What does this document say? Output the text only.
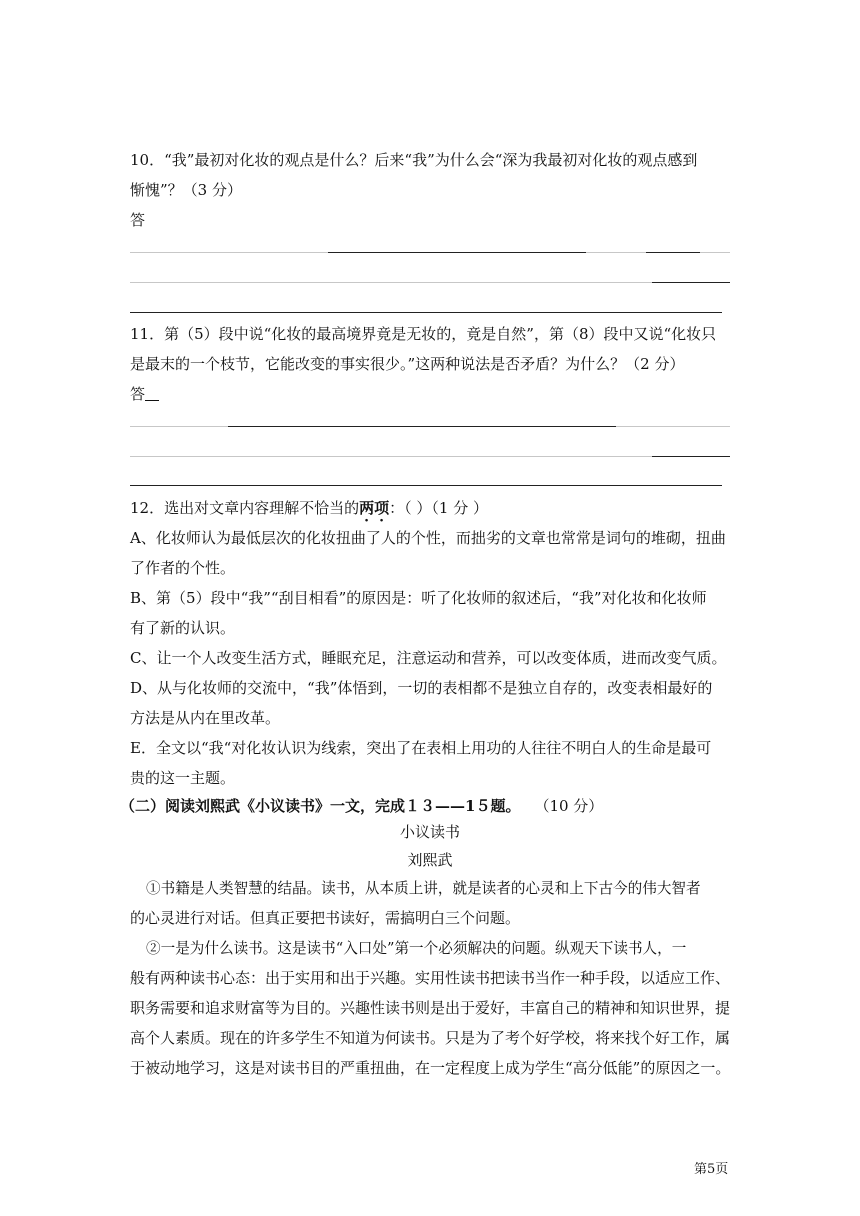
10．“我”最初对化妆的观点是什么？后来“我”为什么会“深为我最初对化妆的观点感到
惭愧”？（3 分）
答
11．第（5）段中说“化妆的最高境界竟是无妆的，竟是自然”，第（8）段中又说“化妆只
是最末的一个枝节，它能改变的事实很少。”这两种说法是否矛盾？为什么？（2 分）
答
12．选出对文章内容理解不恰当的两项：（ ）（1 分 ）
A、化妆师认为最低层次的化妆扭曲了人的个性，而拙劣的文章也常常是词句的堆砌，扭曲
了作者的个性。
B、第（5）段中“我”“刮目相看”的原因是：听了化妆师的叙述后，“我”对化妆和化妆师
有了新的认识。
C、让一个人改变生活方式，睡眠充足，注意运动和营养，可以改变体质，进而改变气质。
D、从与化妆师的交流中，“我”体悟到，一切的表相都不是独立自存的，改变表相最好的
方法是从内在里改革。
E．全文以“我“对化妆认识为线索，突出了在表相上用功的人往往不明白人的生命是最可
贵的这一主题。
（二）阅读刘熙武《小议读书》一文，完成１３——1５题。 （10 分）
小议读书
刘熙武
①书籍是人类智慧的结晶。读书，从本质上讲，就是读者的心灵和上下古今的伟大智者
的心灵进行对话。但真正要把书读好，需搞明白三个问题。
②一是为什么读书。这是读书“入口处”第一个必须解决的问题。纵观天下读书人，一
般有两种读书心态：出于实用和出于兴趣。实用性读书把读书当作一种手段，以适应工作、
职务需要和追求财富等为目的。兴趣性读书则是出于爱好，丰富自己的精神和知识世界，提
高个人素质。现在的许多学生不知道为何读书。只是为了考个好学校，将来找个好工作，属
于被动地学习，这是对读书目的严重扭曲，在一定程度上成为学生“高分低能”的原因之一。
第5页
